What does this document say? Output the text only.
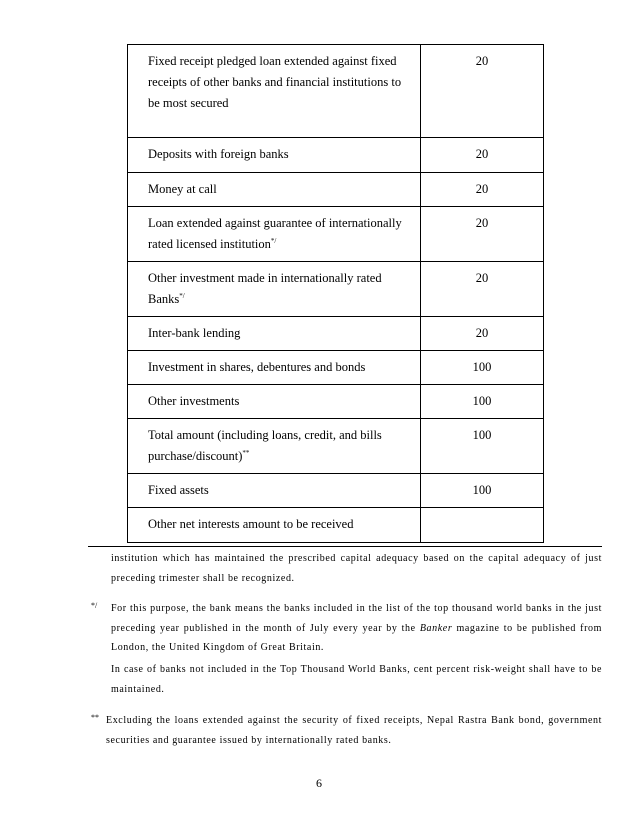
Fixed receipt pledged loan extended against fixed receipts of other banks and financial institutions to be most secured	20
Deposits with foreign banks	20
Money at call	20
Loan extended against guarantee of internationally rated licensed institution*/	20
Other investment made in internationally rated Banks*/	20
Inter-bank lending	20
Investment in shares, debentures and bonds	100
Other investments	100
Total amount (including loans, credit, and bills purchase/discount)**	100
Fixed assets	100
Other net interests amount to be received	

institution which has maintained the prescribed capital adequacy based on the capital adequacy of just preceding trimester shall be recognized.

*/ For this purpose, the bank means the banks included in the list of the top thousand world banks in the just preceding year published in the month of July every year by the Banker magazine to be published from London, the United Kingdom of Great Britain.

In case of banks not included in the Top Thousand World Banks, cent percent risk-weight shall have to be maintained.

** Excluding the loans extended against the security of fixed receipts, Nepal Rastra Bank bond, government securities and guarantee issued by internationally rated banks.

6
